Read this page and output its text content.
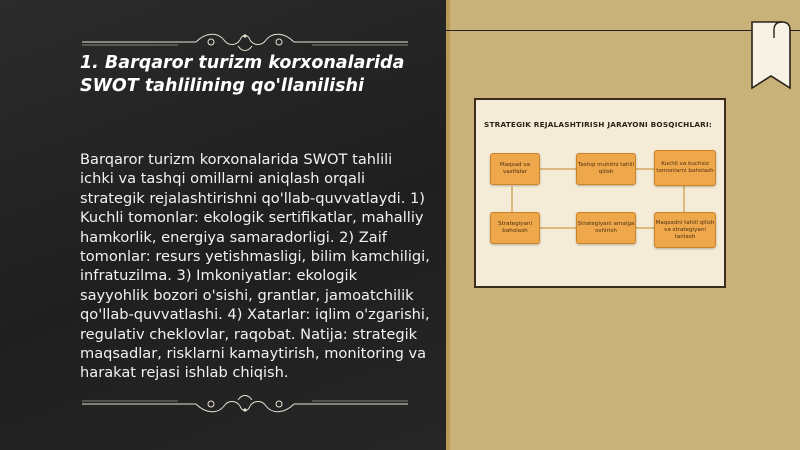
1. Barqaror turizm korxonalarida SWOT tahlilining qo'llanilishi

Barqaror turizm korxonalarida SWOT tahlili ichki va tashqi omillarni aniqlash orqali strategik rejalashtirishni qo'llab-quvvatlaydi. 1) Kuchli tomonlar: ekologik sertifikatlar, mahalliy hamkorlik, energiya samaradorligi. 2) Zaif tomonlar: resurs yetishmasligi, bilim kamchiligi, infratuzilma. 3) Imkoniyatlar: ekologik sayyohlik bozori o'sishi, grantlar, jamoatchilik qo'llab-quvvatlashi. 4) Xatarlar: iqlim o'zgarishi, regulativ cheklovlar, raqobat. Natija: strategik maqsadlar, risklarni kamaytirish, monitoring va harakat rejasi ishlab chiqish.

STRATEGIK REJALASHTIRISH JARAYONI BOSQICHLARI:

Maqsad va vazifalar
Tashqi muhitni tahlil qilish
Kuchli va kuchsiz tomonlarni baholash
Strategiyani baholash
Strategiyani amalga oshirish
Maqsadni tahlil qilish va strategiyani tanlash
